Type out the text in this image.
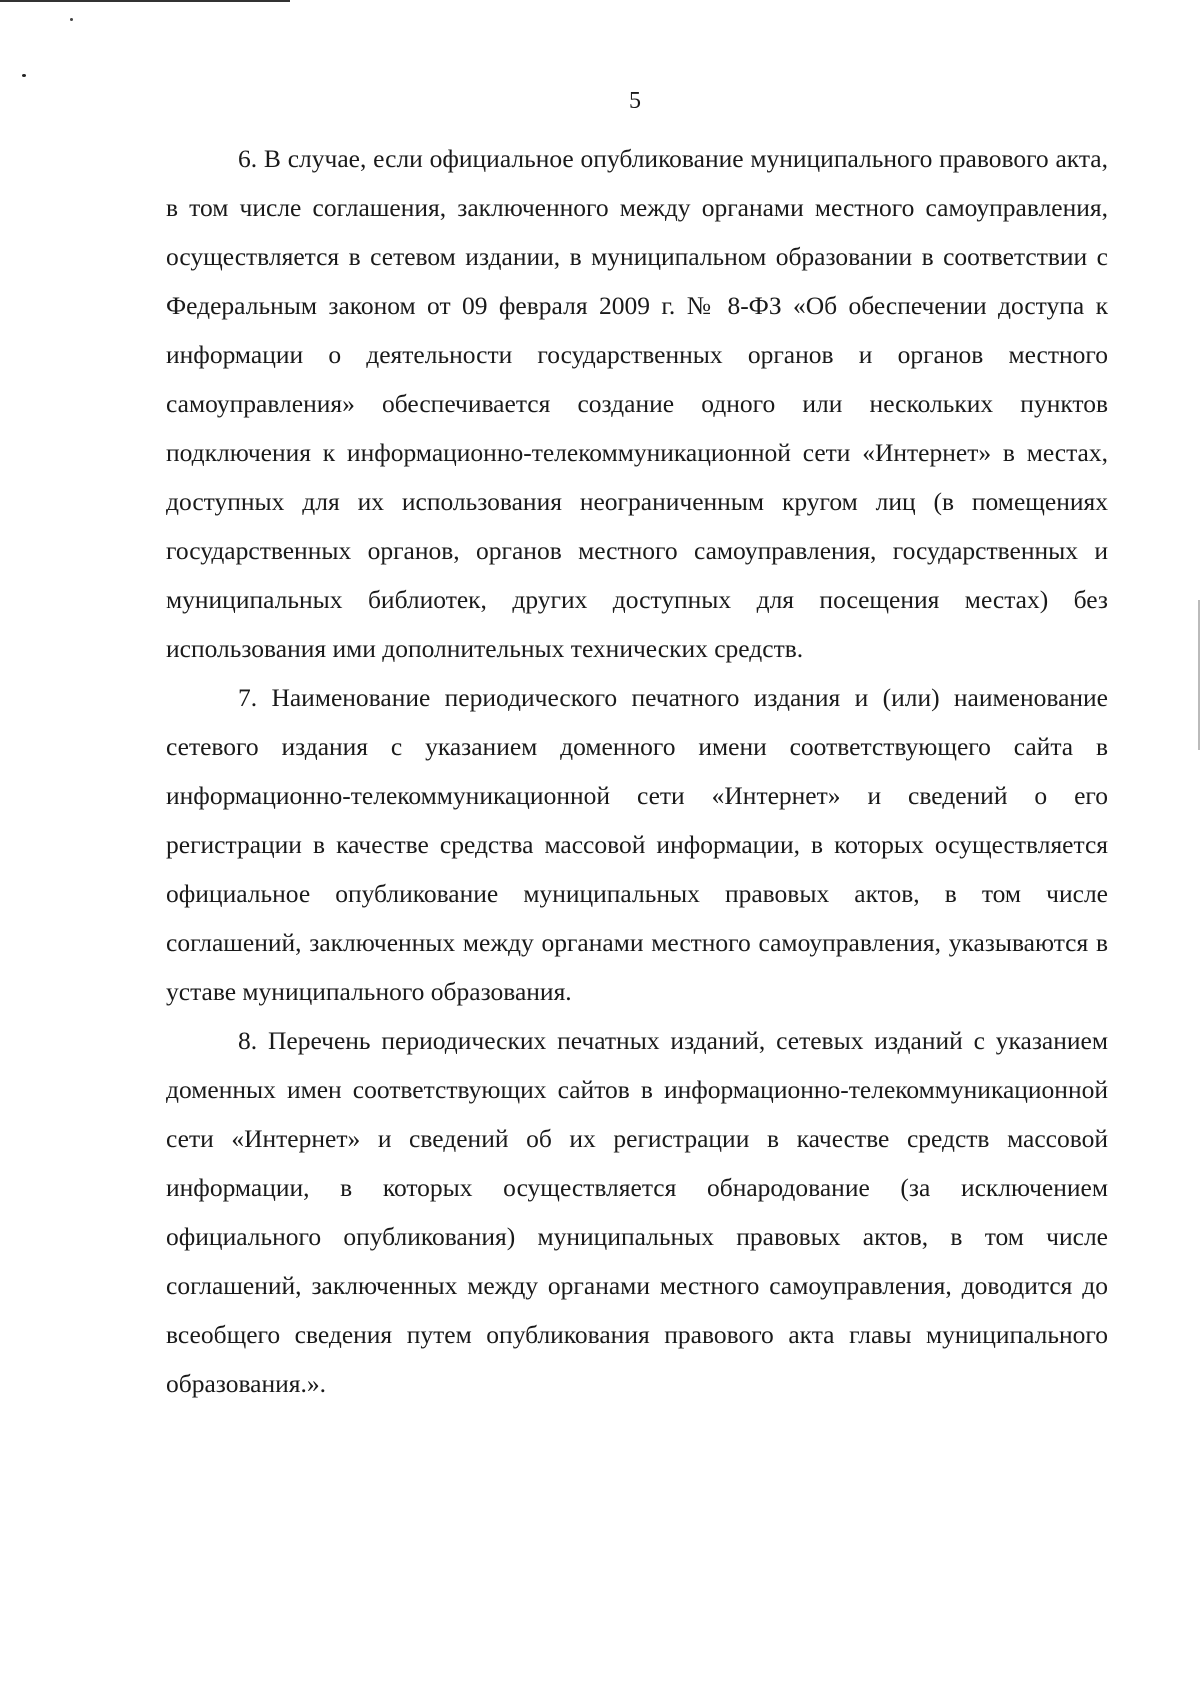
5

6. В случае, если официальное опубликование муниципального правового акта, в том числе соглашения, заключенного между органами местного самоуправления, осуществляется в сетевом издании, в муниципальном образовании в соответствии с Федеральным законом от 09 февраля 2009 г. № 8-ФЗ «Об обеспечении доступа к информации о деятельности государственных органов и органов местного самоуправления» обеспечивается создание одного или нескольких пунктов подключения к информационно-телекоммуникационной сети «Интернет» в местах, доступных для их использования неограниченным кругом лиц (в помещениях государственных органов, органов местного самоуправления, государственных и муниципальных библиотек, других доступных для посещения местах) без использования ими дополнительных технических средств.

7. Наименование периодического печатного издания и (или) наименование сетевого издания с указанием доменного имени соответствующего сайта в информационно-телекоммуникационной сети «Интернет» и сведений о его регистрации в качестве средства массовой информации, в которых осуществляется официальное опубликование муниципальных правовых актов, в том числе соглашений, заключенных между органами местного самоуправления, указываются в уставе муниципального образования.

8. Перечень периодических печатных изданий, сетевых изданий с указанием доменных имен соответствующих сайтов в информационно-телекоммуникационной сети «Интернет» и сведений об их регистрации в качестве средств массовой информации, в которых осуществляется обнародование (за исключением официального опубликования) муниципальных правовых актов, в том числе соглашений, заключенных между органами местного самоуправления, доводится до всеобщего сведения путем опубликования правового акта главы муниципального образования.».
